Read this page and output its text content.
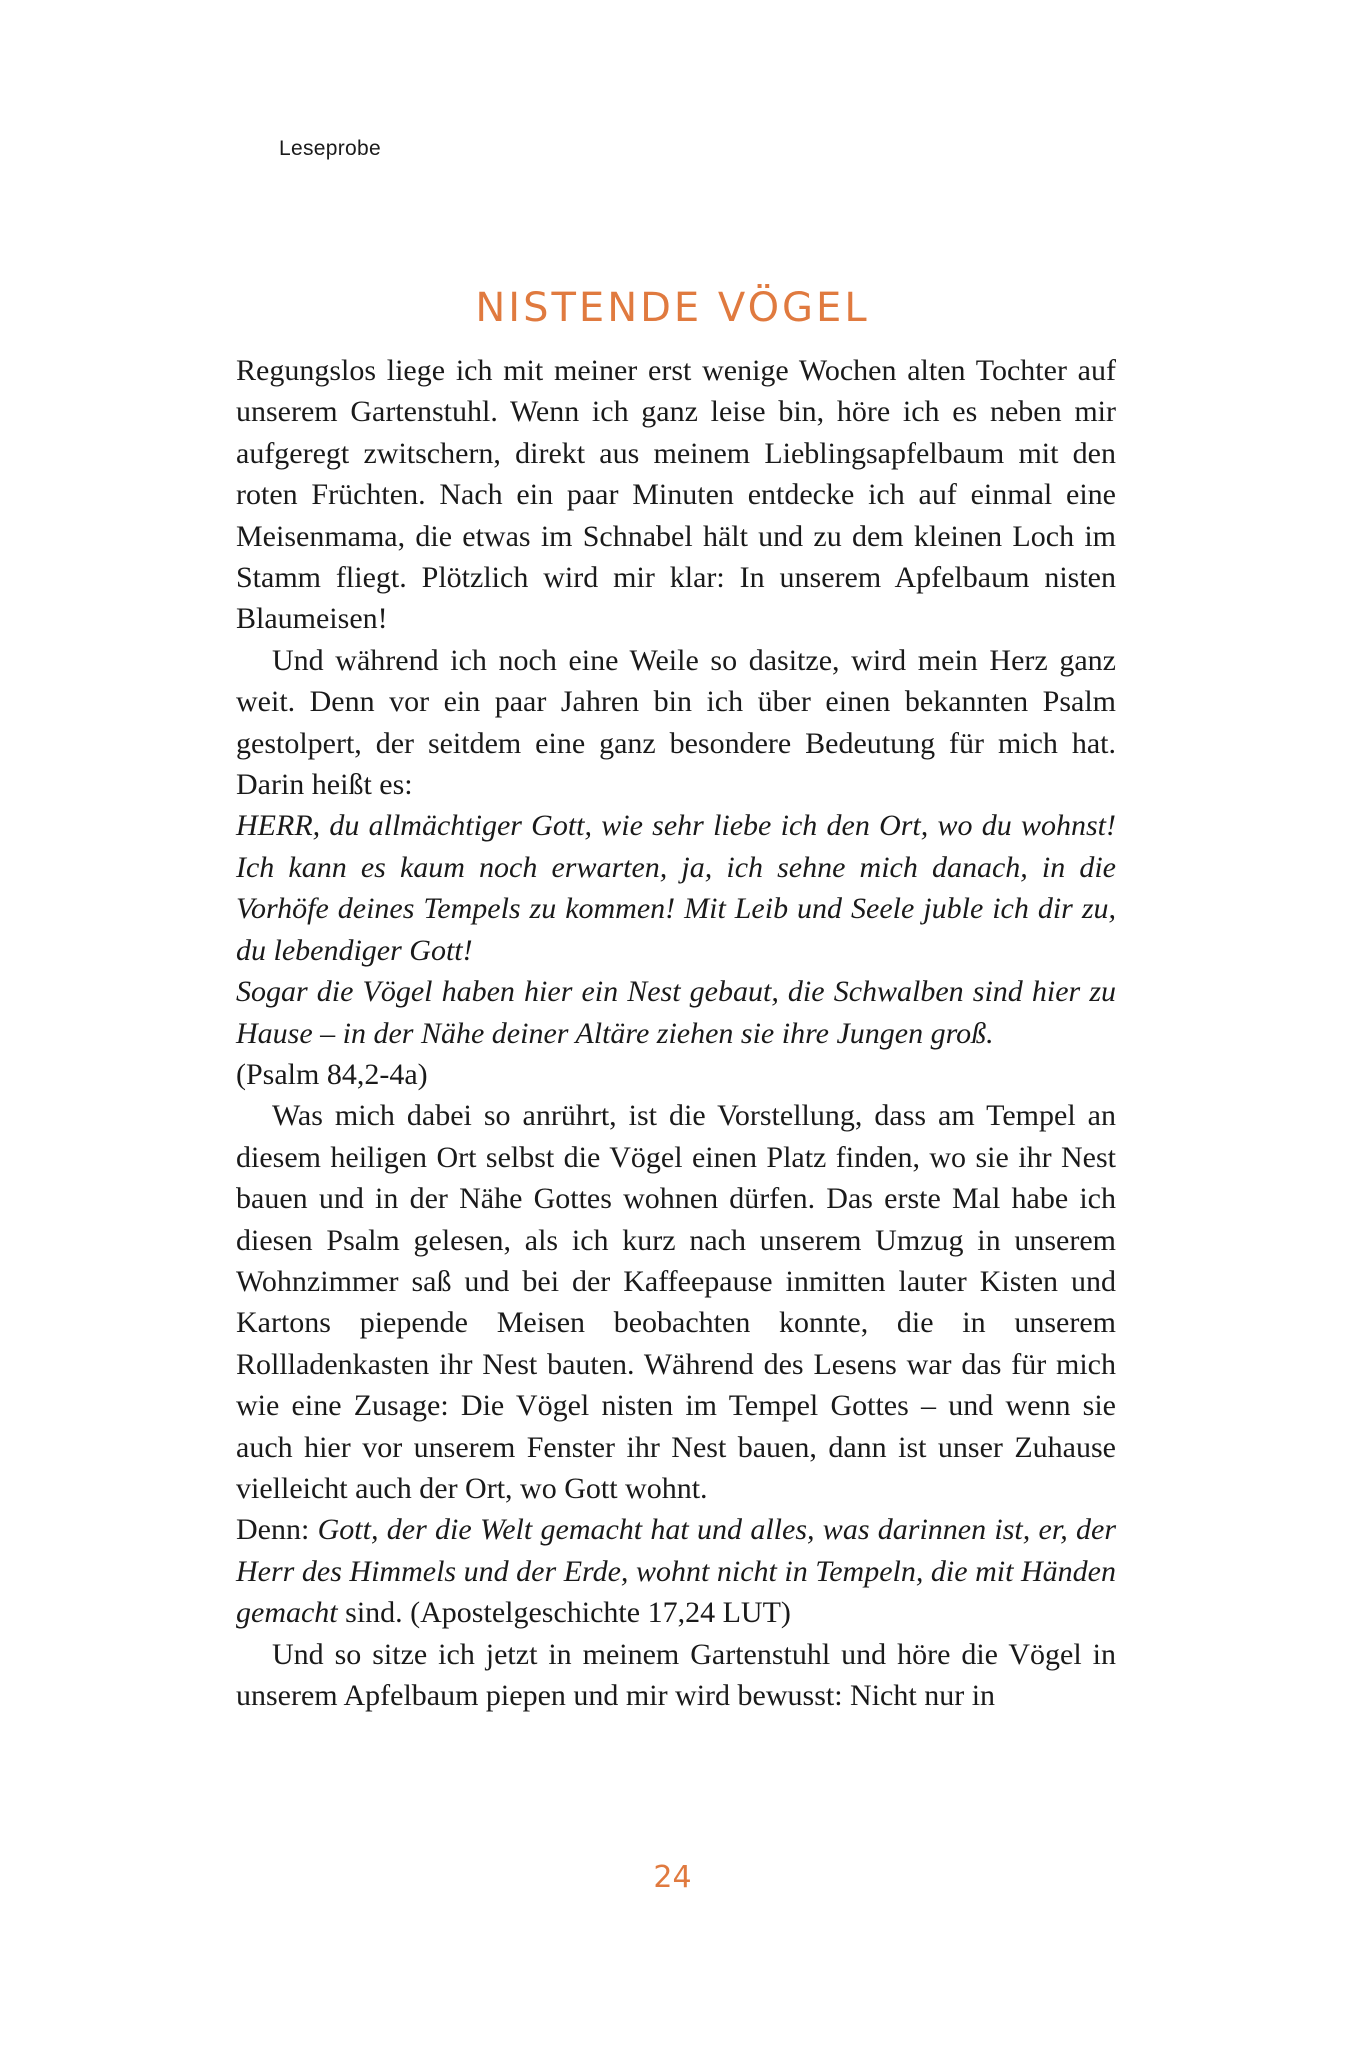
Leseprobe
NISTENDE VÖGEL

Regungslos liege ich mit meiner erst wenige Wochen alten Tochter auf unserem Gartenstuhl. Wenn ich ganz leise bin, höre ich es neben mir aufgeregt zwitschern, direkt aus meinem Lieblingsapfelbaum mit den roten Früchten. Nach ein paar Minuten entdecke ich auf einmal eine Meisenmama, die etwas im Schnabel hält und zu dem kleinen Loch im Stamm fliegt. Plötzlich wird mir klar: In unserem Apfelbaum nisten Blaumeisen!

Und während ich noch eine Weile so dasitze, wird mein Herz ganz weit. Denn vor ein paar Jahren bin ich über einen bekannten Psalm gestolpert, der seitdem eine ganz besondere Bedeutung für mich hat. Darin heißt es:

HERR, du allmächtiger Gott, wie sehr liebe ich den Ort, wo du wohnst! Ich kann es kaum noch erwarten, ja, ich sehne mich danach, in die Vorhöfe deines Tempels zu kommen! Mit Leib und Seele juble ich dir zu, du lebendiger Gott!

Sogar die Vögel haben hier ein Nest gebaut, die Schwalben sind hier zu Hause – in der Nähe deiner Altäre ziehen sie ihre Jungen groß.

(Psalm 84,2-4a)

Was mich dabei so anrührt, ist die Vorstellung, dass am Tempel an diesem heiligen Ort selbst die Vögel einen Platz finden, wo sie ihr Nest bauen und in der Nähe Gottes wohnen dürfen. Das erste Mal habe ich diesen Psalm gelesen, als ich kurz nach unserem Umzug in unserem Wohnzimmer saß und bei der Kaffeepause inmitten lauter Kisten und Kartons piepende Meisen beobachten konnte, die in unserem Rollladenkasten ihr Nest bauten. Während des Lesens war das für mich wie eine Zusage: Die Vögel nisten im Tempel Gottes – und wenn sie auch hier vor unserem Fenster ihr Nest bauen, dann ist unser Zuhause vielleicht auch der Ort, wo Gott wohnt.

Denn: Gott, der die Welt gemacht hat und alles, was darinnen ist, er, der Herr des Himmels und der Erde, wohnt nicht in Tempeln, die mit Händen gemacht sind. (Apostelgeschichte 17,24 LUT)

Und so sitze ich jetzt in meinem Gartenstuhl und höre die Vögel in unserem Apfelbaum piepen und mir wird bewusst: Nicht nur in

24
